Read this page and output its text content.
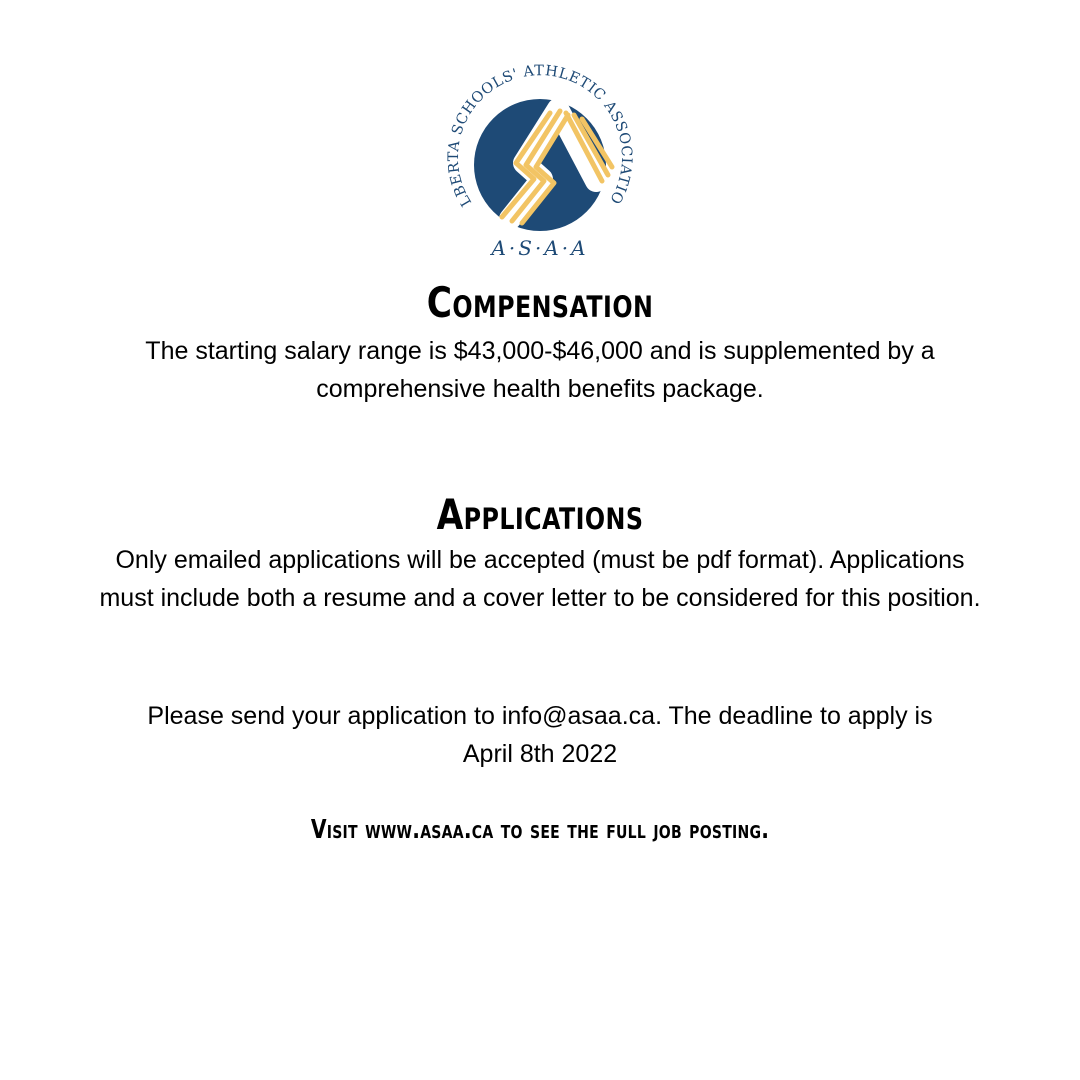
LBERTA SCHOOLS' ATHLETIC ASSOCIATIO
A·S·A·A
Compensation

The starting salary range is $43,000-$46,000 and is supplemented by a comprehensive health benefits package.

Applications

Only emailed applications will be accepted (must be pdf format). Applications must include both a resume and a cover letter to be considered for this position.

Please send your application to info@asaa.ca. The deadline to apply is

April 8th 2022

Visit www.asaa.ca to see the full job posting.
